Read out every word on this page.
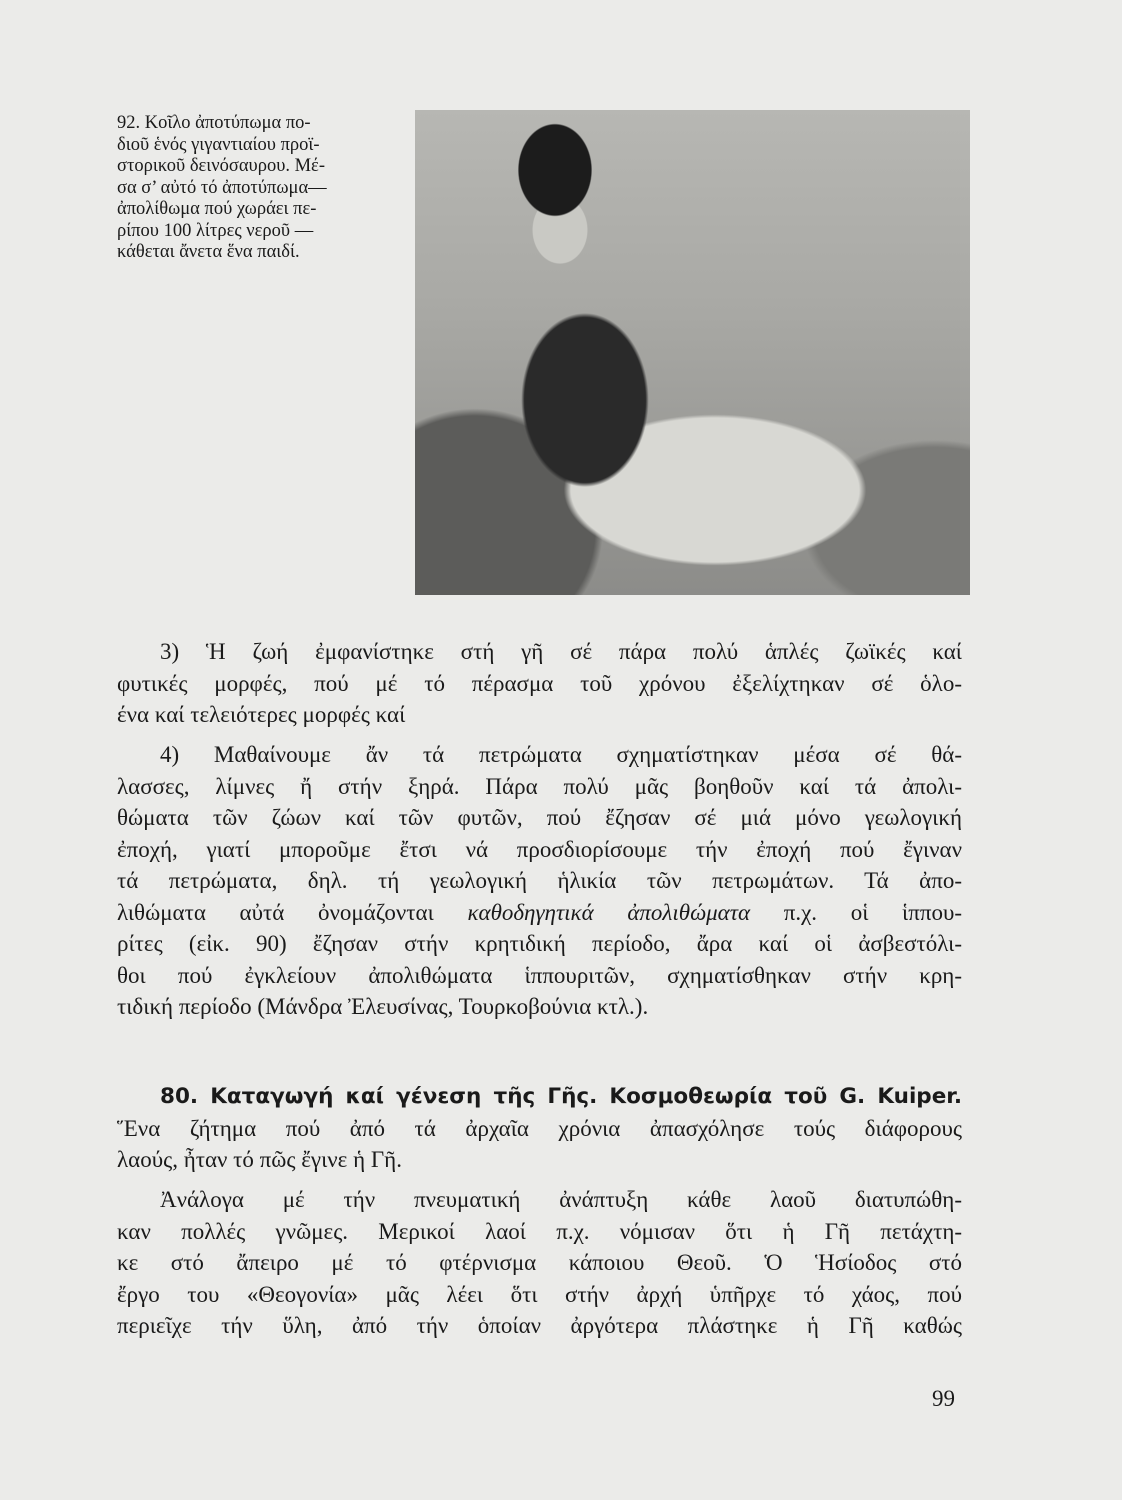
92. Κοῖλο ἀποτύπωμα πο-
διοῦ ἑνός γιγαντιαίου προϊ-
στορικοῦ δεινόσαυρου. Μέ-
σα σ’ αὐτό τό ἀποτύπωμα—
ἀπολίθωμα πού χωράει πε-
ρίπου 100 λίτρες νεροῦ —
κάθεται ἄνετα ἕνα παιδί.
3) Ἡ ζωή ἐμφανίστηκε στή γῆ σέ πάρα πολύ ἁπλές ζωϊκές καί
φυτικές μορφές, πού μέ τό πέρασμα τοῦ χρόνου ἐξελίχτηκαν σέ ὁλο-
ένα καί τελειότερες μορφές καί
4) Μαθαίνουμε ἄν τά πετρώματα σχηματίστηκαν μέσα σέ θά-
λασσες, λίμνες ἤ στήν ξηρά. Πάρα πολύ μᾶς βοηθοῦν καί τά ἀπολι-
θώματα τῶν ζώων καί τῶν φυτῶν, πού ἔζησαν σέ μιά μόνο γεωλογική
ἐποχή, γιατί μποροῦμε ἔτσι νά προσδιορίσουμε τήν ἐποχή πού ἔγιναν
τά πετρώματα, δηλ. τή γεωλογική ἡλικία τῶν πετρωμάτων. Τά ἀπο-
λιθώματα αὐτά ὀνομάζονται καθοδηγητικά ἀπολιθώματα π.χ. οἱ ἱππου-
ρίτες (εἰκ. 90) ἔζησαν στήν κρητιδική περίοδο, ἄρα καί οἱ ἀσβεστόλι-
θοι πού ἐγκλείουν ἀπολιθώματα ἱππουριτῶν, σχηματίσθηκαν στήν κρη-
τιδική περίοδο (Μάνδρα Ἐλευσίνας, Τουρκοβούνια κτλ.).
80. Καταγωγή καί γένεση τῆς Γῆς. Κοσμοθεωρία τοῦ G. Kuiper.
Ἕνα ζήτημα πού ἀπό τά ἀρχαῖα χρόνια ἀπασχόλησε τούς διάφορους
λαούς, ἦταν τό πῶς ἔγινε ἡ Γῆ.
Ἀνάλογα μέ τήν πνευματική ἀνάπτυξη κάθε λαοῦ διατυπώθη-
καν πολλές γνῶμες. Μερικοί λαοί π.χ. νόμισαν ὅτι ἡ Γῆ πετάχτη-
κε στό ἄπειρο μέ τό φτέρνισμα κάποιου Θεοῦ. Ὁ Ἡσίοδος στό
ἔργο του «Θεογονία» μᾶς λέει ὅτι στήν ἀρχή ὑπῆρχε τό χάος, πού
περιεῖχε τήν ὕλη, ἀπό τήν ὁποίαν ἀργότερα πλάστηκε ἡ Γῆ καθώς
99
